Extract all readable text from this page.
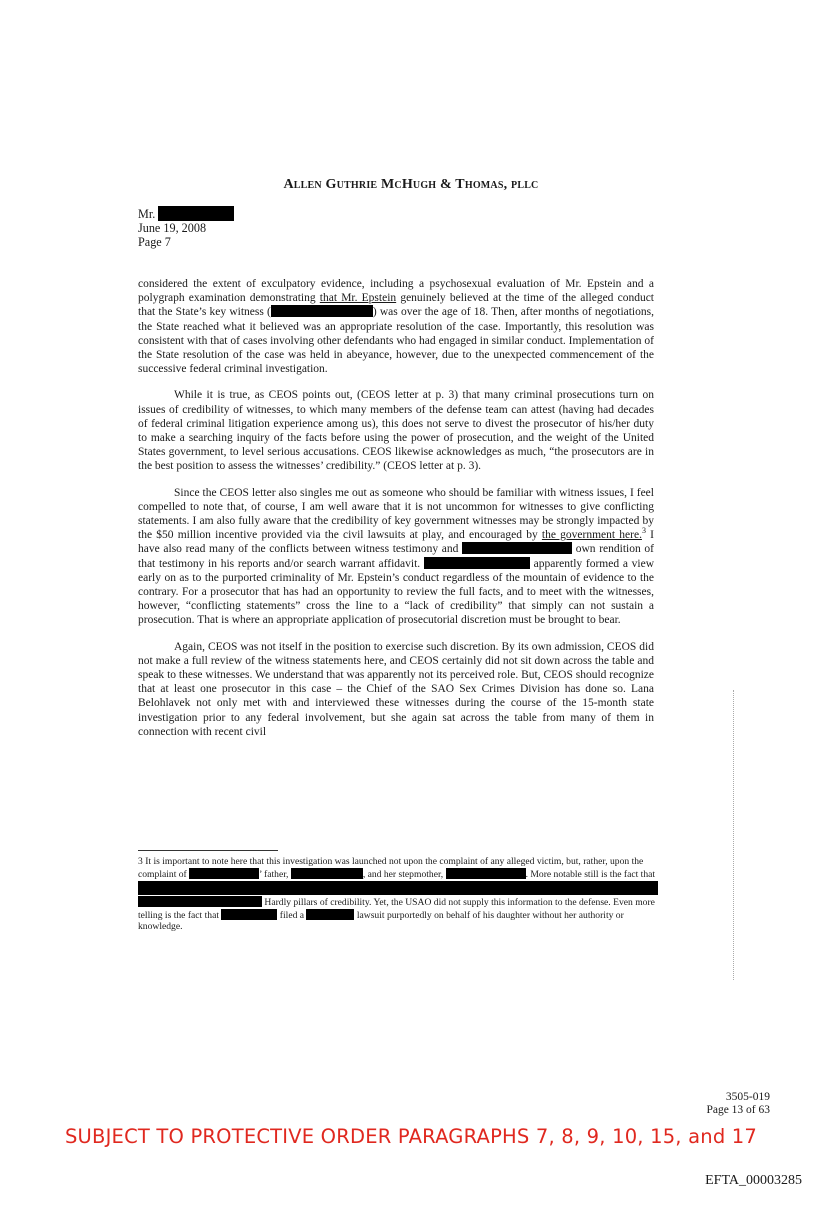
Allen Guthrie McHugh & Thomas, pllc
Mr.
June 19, 2008
Page 7

considered the extent of exculpatory evidence, including a psychosexual evaluation of Mr. Epstein and a polygraph examination demonstrating that Mr. Epstein genuinely believed at the time of the alleged conduct that the State’s key witness (	) was over the age of 18. Then, after months of negotiations, the State reached what it believed was an appropriate resolution of the case. Importantly, this resolution was consistent with that of cases involving other defendants who had engaged in similar conduct. Implementation of the State resolution of the case was held in abeyance, however, due to the unexpected commencement of the successive federal criminal investigation.

While it is true, as CEOS points out, (CEOS letter at p. 3) that many criminal prosecutions turn on issues of credibility of witnesses, to which many members of the defense team can attest (having had decades of federal criminal litigation experience among us), this does not serve to divest the prosecutor of his/her duty to make a searching inquiry of the facts before using the power of prosecution, and the weight of the United States government, to level serious accusations. CEOS likewise acknowledges as much, “the prosecutors are in the best position to assess the witnesses’ credibility.” (CEOS letter at p. 3).

Since the CEOS letter also singles me out as someone who should be familiar with witness issues, I feel compelled to note that, of course, I am well aware that it is not uncommon for witnesses to give conflicting statements. I am also fully aware that the credibility of key government witnesses may be strongly impacted by the $50 million incentive provided via the civil lawsuits at play, and encouraged by the government here.$^3$ I have also read many of the conflicts between witness testimony and	own rendition of that testimony in his reports and/or search warrant affidavit.	apparently formed a view early on as to the purported criminality of Mr. Epstein’s conduct regardless of the mountain of evidence to the contrary. For a prosecutor that has had an opportunity to review the full facts, and to meet with the witnesses, however, “conflicting statements” cross the line to a “lack of credibility” that simply can not sustain a prosecution. That is where an appropriate application of prosecutorial discretion must be brought to bear.

Again, CEOS was not itself in the position to exercise such discretion. By its own admission, CEOS did not make a full review of the witness statements here, and CEOS certainly did not sit down across the table and speak to these witnesses. We understand that was apparently not its perceived role. But, CEOS should recognize that at least one prosecutor in this case – the Chief of the SAO Sex Crimes Division has done so. Lana Belohlavek not only met with and interviewed these witnesses during the course of the 15-month state investigation prior to any federal involvement, but she again sat across the table from many of them in connection with recent civil

3 It is important to note here that this investigation was launched not upon the complaint of any alleged victim, but, rather, upon the complaint of	’ father,	, and her stepmother,	. More notable still is the fact that
Hardly pillars of credibility. Yet, the USAO did not supply this information to the defense. Even more telling is the fact that	filed a	lawsuit purportedly on behalf of his daughter without her authority or knowledge.
3505-019
Page 13 of 63
SUBJECT TO PROTECTIVE ORDER PARAGRAPHS 7, 8, 9, 10, 15, and 17
EFTA_00003285
